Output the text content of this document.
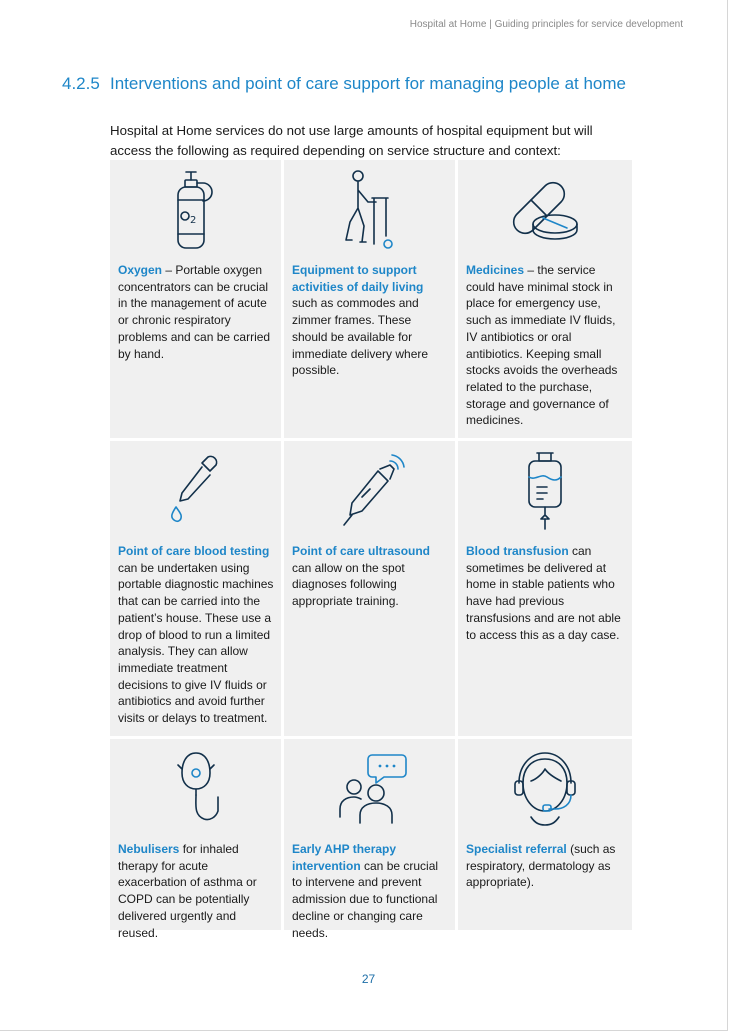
Hospital at Home | Guiding principles for service development
4.2.5 Interventions and point of care support for managing people at home

Hospital at Home services do not use large amounts of hospital equipment but will access the following as required depending on service structure and context:

2
Oxygen – Portable oxygen concentrators can be crucial in the management of acute or chronic respiratory problems and can be carried by hand.
Equipment to support activities of daily living such as commodes and zimmer frames. These should be available for immediate delivery where possible.
Medicines – the service could have minimal stock in place for emergency use, such as immediate IV fluids, IV antibiotics or oral antibiotics. Keeping small stocks avoids the overheads related to the purchase, storage and governance of medicines.
Point of care blood testing can be undertaken using portable diagnostic machines that can be carried into the patient’s house. These use a drop of blood to run a limited analysis. They can allow immediate treatment decisions to give IV fluids or antibiotics and avoid further visits or delays to treatment.
Point of care ultrasound can allow on the spot diagnoses following appropriate training.
Blood transfusion can sometimes be delivered at home in stable patients who have had previous transfusions and are not able to access this as a day case.
Nebulisers for inhaled therapy for acute exacerbation of asthma or COPD can be potentially delivered urgently and reused.
Early AHP therapy intervention can be crucial to intervene and prevent admission due to functional decline or changing care needs.
Specialist referral (such as respiratory, dermatology as appropriate).
27
